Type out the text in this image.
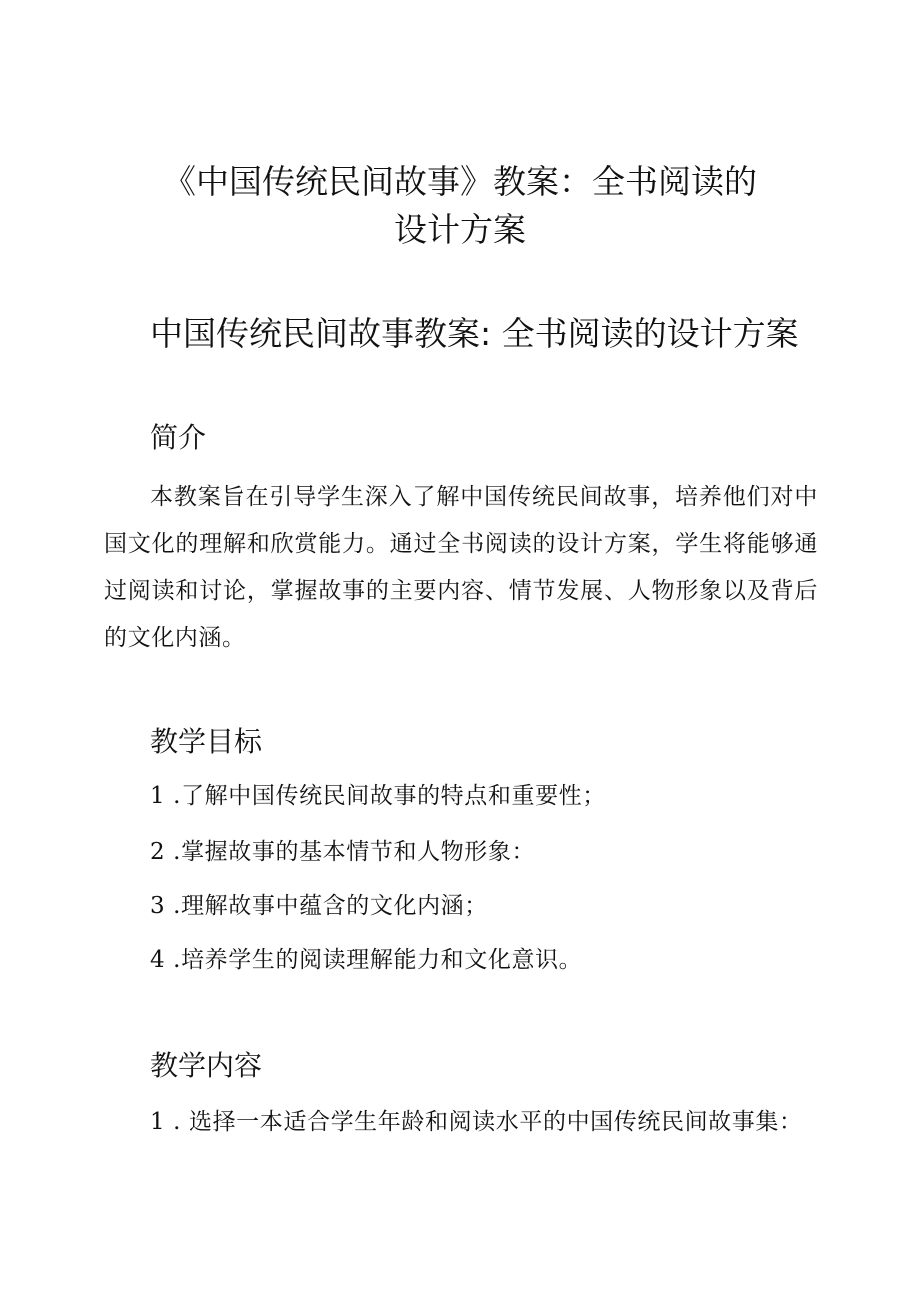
《中国传统民间故事》教案：全书阅读的
设计方案
中国传统民间故事教案: 全书阅读的设计方案
简介

本教案旨在引导学生深入了解中国传统民间故事，培养他们对中国文化的理解和欣赏能力。通过全书阅读的设计方案，学生将能够通过阅读和讨论，掌握故事的主要内容、情节发展、人物形象以及背后的文化内涵。

教学目标

1 .了解中国传统民间故事的特点和重要性；

2 .掌握故事的基本情节和人物形象：

3 .理解故事中蕴含的文化内涵；

4 .培养学生的阅读理解能力和文化意识。

教学内容

1 . 选择一本适合学生年龄和阅读水平的中国传统民间故事集：
